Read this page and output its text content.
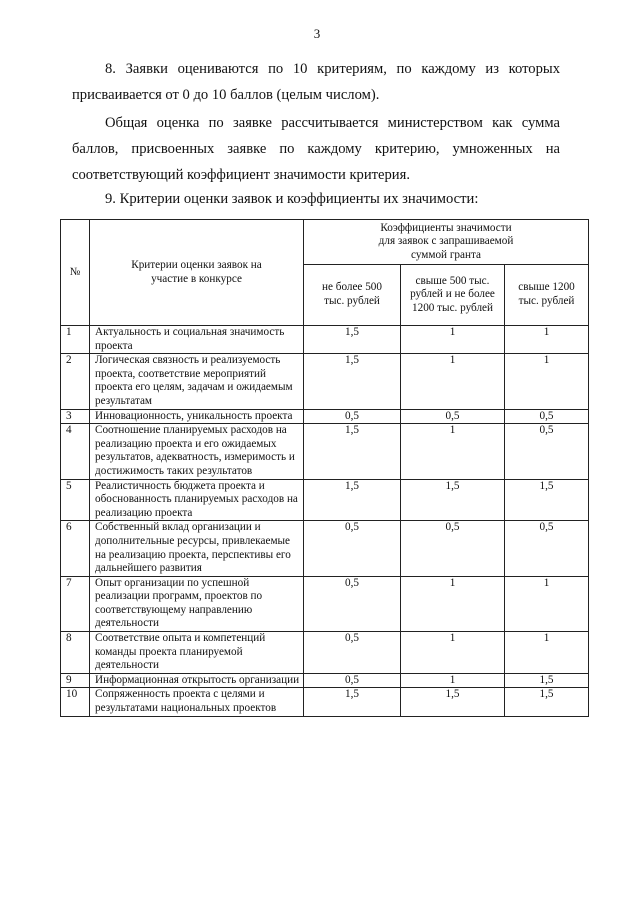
3
8. Заявки оцениваются по 10 критериям, по каждому из которых
присваивается от 0 до 10 баллов (целым числом).
Общая оценка по заявке рассчитывается министерством как сумма
баллов, присвоенных заявке по каждому критерию, умноженных на
соответствующий коэффициент значимости критерия.
9. Критерии оценки заявок и коэффициенты их значимости:
№	Критерии оценки заявок на участие в конкурсе	Коэффициенты значимости для заявок с запрашиваемой суммой гранта		
		не более 500 тыс. рублей	свыше 500 тыс. рублей и не более 1200 тыс. рублей	свыше 1200 тыс. рублей
1	Актуальность и социальная значимость проекта	1,5	1	1
2	Логическая связность и реализуемость проекта, соответствие мероприятий проекта его целям, задачам и ожидаемым результатам	1,5	1	1
3	Инновационность, уникальность проекта	0,5	0,5	0,5
4	Соотношение планируемых расходов на реализацию проекта и его ожидаемых результатов, адекватность, измеримость и достижимость таких результатов	1,5	1	0,5
5	Реалистичность бюджета проекта и обоснованность планируемых расходов на реализацию проекта	1,5	1,5	1,5
6	Собственный вклад организации и дополнительные ресурсы, привлекаемые на реализацию проекта, перспективы его дальнейшего развития	0,5	0,5	0,5
7	Опыт организации по успешной реализации программ, проектов по соответствующему направлению деятельности	0,5	1	1
8	Соответствие опыта и компетенций команды проекта планируемой деятельности	0,5	1	1
9	Информационная открытость организации	0,5	1	1,5
10	Сопряженность проекта с целями и результатами национальных проектов	1,5	1,5	1,5
